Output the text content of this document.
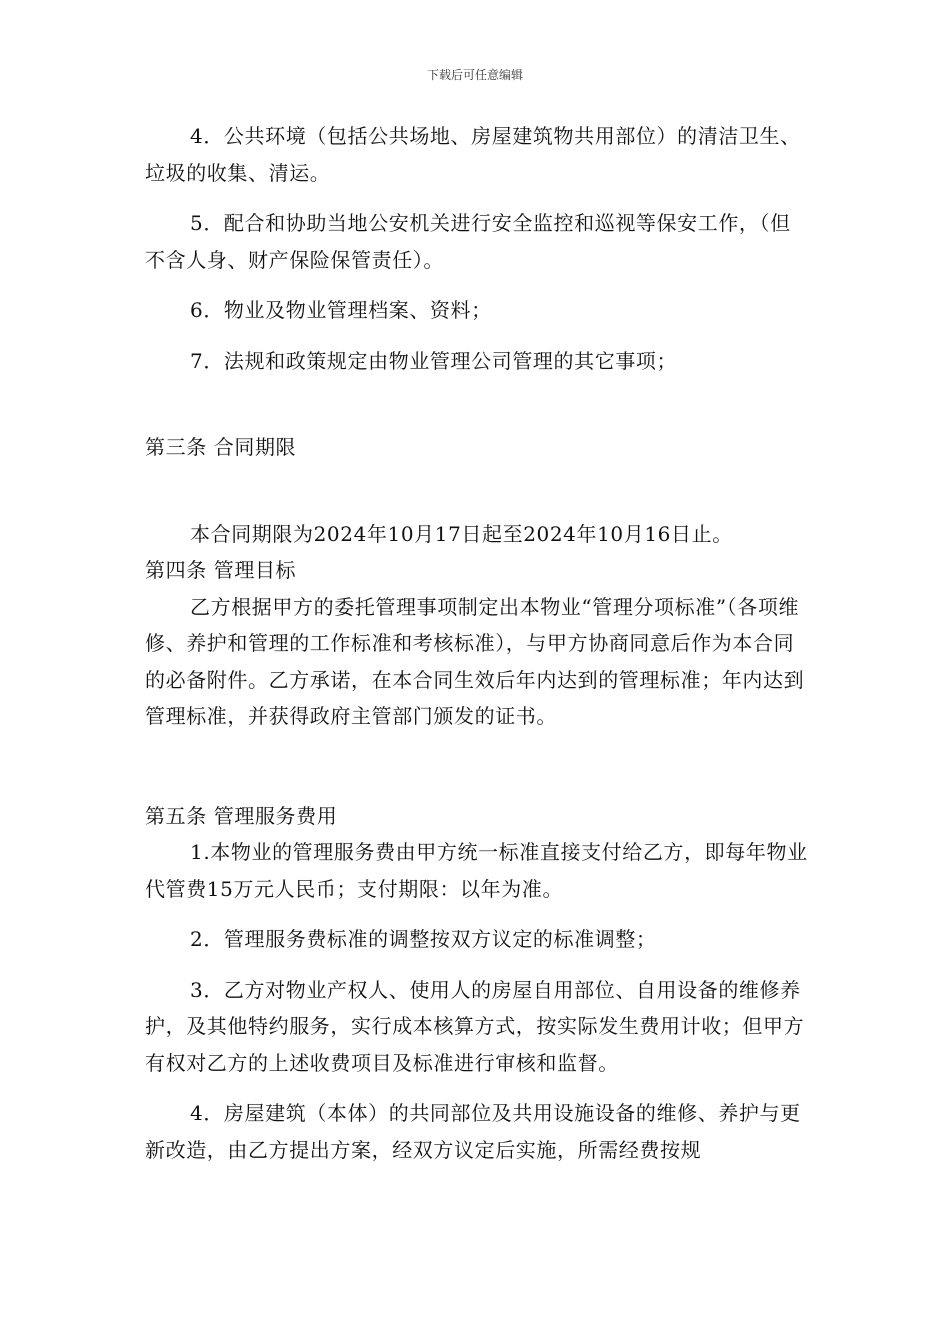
下载后可任意编辑

4．公共环境（包括公共场地、房屋建筑物共用部位）的清洁卫生、垃圾的收集、清运。

5．配合和协助当地公安机关进行安全监控和巡视等保安工作，（但不含人身、财产保险保管责任）。

6．物业及物业管理档案、资料；

7．法规和政策规定由物业管理公司管理的其它事项；

第三条 合同期限

本合同期限为2024年10月17日起至2024年10月16日止。

第四条 管理目标

乙方根据甲方的委托管理事项制定出本物业“管理分项标准”（各项维修、养护和管理的工作标准和考核标准），与甲方协商同意后作为本合同的必备附件。乙方承诺，在本合同生效后年内达到的管理标准；年内达到管理标准，并获得政府主管部门颁发的证书。

第五条 管理服务费用

1.本物业的管理服务费由甲方统一标准直接支付给乙方，即每年物业代管费15万元人民币；支付期限：以年为准。

2．管理服务费标准的调整按双方议定的标准调整；

3．乙方对物业产权人、使用人的房屋自用部位、自用设备的维修养护，及其他特约服务，实行成本核算方式，按实际发生费用计收；但甲方有权对乙方的上述收费项目及标准进行审核和监督。

4．房屋建筑（本体）的共同部位及共用设施设备的维修、养护与更新改造，由乙方提出方案，经双方议定后实施，所需经费按规
